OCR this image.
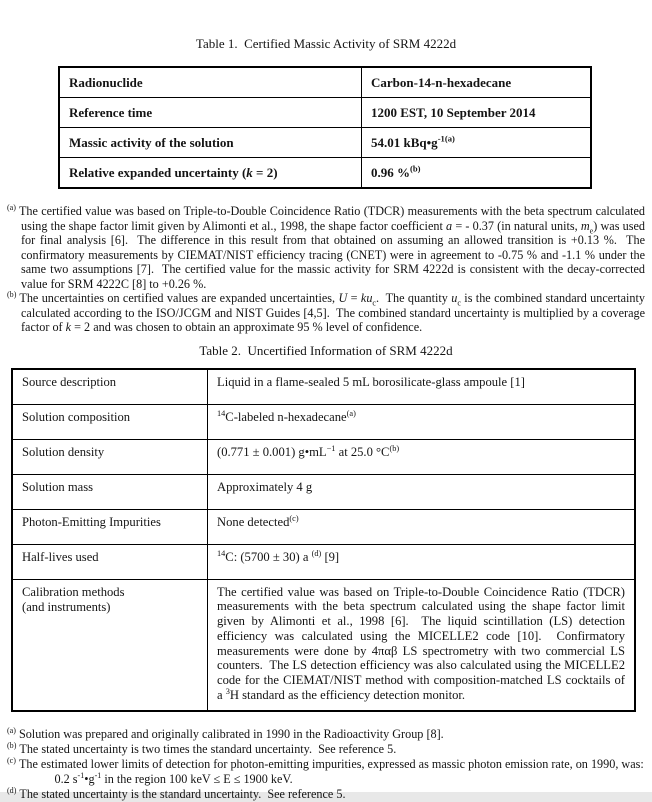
Table 1.  Certified Massic Activity of SRM 4222d

Radionuclide	Carbon-14-n-hexadecane
Reference time	1200 EST, 10 September 2014
Massic activity of the solution	54.01 $kBq•g^{-1(a)}$
Relative expanded uncertainty (k = 2)	0.96 %$^{(b)}$

$^{(a)}$ The certified value was based on Triple-to-Double Coincidence Ratio (TDCR) measurements with the beta spectrum calculated using the shape factor limit given by Alimonti et al., 1998, the shape factor coefficient a = - 0.37 (in natural units, $m_e$) was used for final analysis [6].  The difference in this result from that obtained on assuming an allowed transition is +0.13 %.  The confirmatory measurements by CIEMAT/NIST efficiency tracing (CNET) were in agreement to -0.75 % and -1.1 % under the same two assumptions [7].  The certified value for the massic activity for SRM 4222d is consistent with the decay-corrected value for SRM 4222C [8] to +0.26 %.

$^{(b)}$ The uncertainties on certified values are expanded uncertainties, $U = ku_c$.  The quantity $u_c$ is the combined standard uncertainty calculated according to the ISO/JCGM and NIST Guides [4,5].  The combined standard uncertainty is multiplied by a coverage factor of k = 2 and was chosen to obtain an approximate 95 % level of confidence.

Table 2.  Uncertified Information of SRM 4222d

Source description	Liquid in a flame-sealed 5 mL borosilicate-glass ampoule [1]
Solution composition	$^{14}$C-labeled n-hexadecane$^{(a)}$
Solution density	(0.771 ± 0.001) $g•mL^{-1}$ at 25.0 $^\circ C^{(b)}$
Solution mass	Approximately 4 g
Photon-Emitting Impurities	None detected$^{(c)}$
Half-lives used	$^{14}$C: (5700 ± 30) a $^{(d)}$ [9]
Calibration methods
(and instruments)	The certified value was based on Triple-to-Double Coincidence Ratio (TDCR) measurements with the beta spectrum calculated using the shape factor limit given by Alimonti et al., 1998 [6].  The liquid scintillation (LS) detection efficiency was calculated using the MICELLE2 code [10].  Confirmatory measurements were done by 4παβ LS spectrometry with two commercial LS counters.  The LS detection efficiency was also calculated using the MICELLE2 code for the CIEMAT/NIST method with composition-matched LS cocktails of a $^3$H standard as the efficiency detection monitor.

$^{(a)}$ Solution was prepared and originally calibrated in 1990 in the Radioactivity Group [8].

$^{(b)}$ The stated uncertainty is two times the standard uncertainty.  See reference 5.

$^{(c)}$ The estimated lower limits of detection for photon-emitting impurities, expressed as massic photon emission rate, on 1990, was:
0.2 $s^{-1}•g^{-1}$ in the region 100 keV ≤ E ≤ 1900 keV.

$^{(d)}$ The stated uncertainty is the standard uncertainty.  See reference 5.
